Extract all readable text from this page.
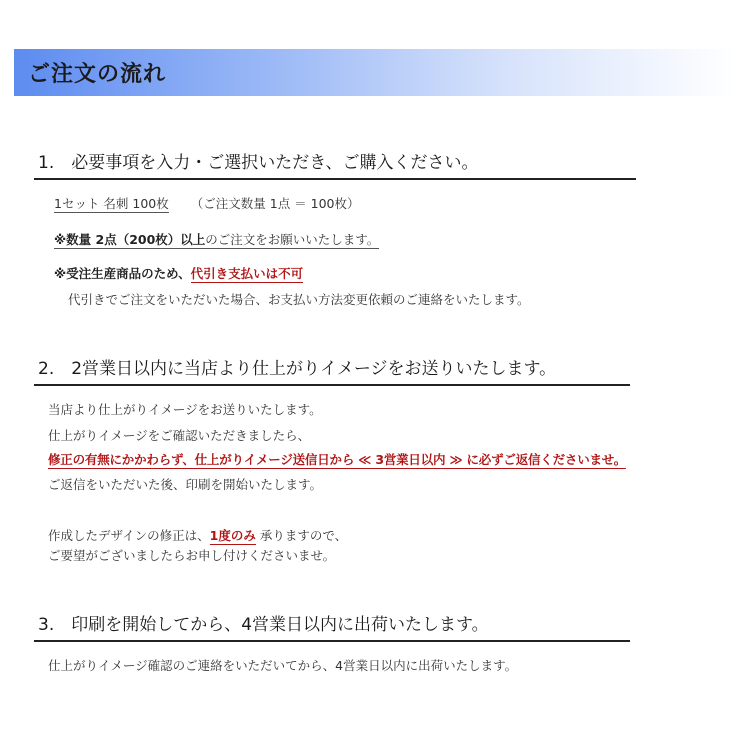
ご注文の流れ
1.　必要事項を入力・ご選択いただき、ご購入ください。
1セット 名刺 100枚 （ご注文数量 1点 ＝ 100枚）
※数量 2点（200枚）以上のご注文をお願いいたします。
※受注生産商品のため、代引き支払いは不可
代引きでご注文をいただいた場合、お支払い方法変更依頼のご連絡をいたします。
2.　2営業日以内に当店より仕上がりイメージをお送りいたします。
当店より仕上がりイメージをお送りいたします。
仕上がりイメージをご確認いただきましたら、
修正の有無にかかわらず、仕上がりイメージ送信日から ≪ 3営業日以内 ≫ に必ずご返信くださいませ。
ご返信をいただいた後、印刷を開始いたします。
作成したデザインの修正は、1度のみ 承りますので、
ご要望がございましたらお申し付けくださいませ。
3.　印刷を開始してから、4営業日以内に出荷いたします。
仕上がりイメージ確認のご連絡をいただいてから、4営業日以内に出荷いたします。
